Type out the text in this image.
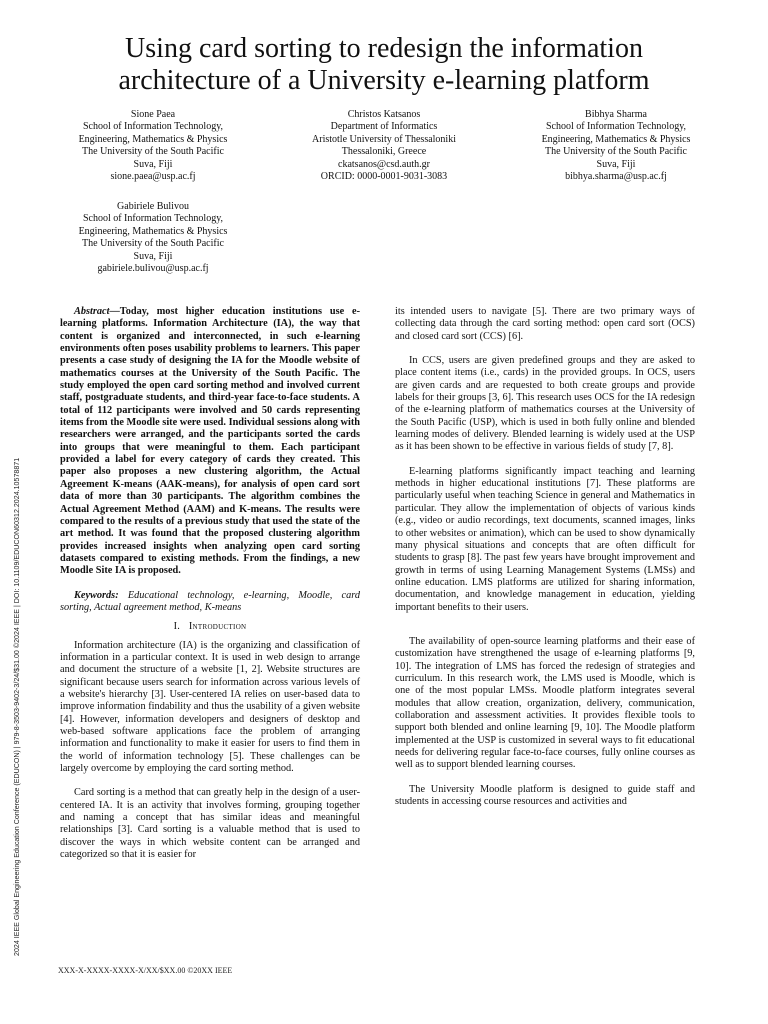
Using card sorting to redesign the information
architecture of a University e-learning platform
Sione Paea
School of Information Technology,
Engineering, Mathematics & Physics
The University of the South Pacific
Suva, Fiji
sione.paea@usp.ac.fj
Christos Katsanos
Department of Informatics
Aristotle University of Thessaloniki
Thessaloniki, Greece
ckatsanos@csd.auth.gr
ORCID: 0000-0001-9031-3083
Bibhya Sharma
School of Information Technology,
Engineering, Mathematics & Physics
The University of the South Pacific
Suva, Fiji
bibhya.sharma@usp.ac.fj
Gabiriele Bulivou
School of Information Technology,
Engineering, Mathematics & Physics
The University of the South Pacific
Suva, Fiji
gabiriele.bulivou@usp.ac.fj
2024 IEEE Global Engineering Education Conference (EDUCON) | 979-8-3503-9402-3/24/$31.00 ©2024 IEEE | DOI: 10.1109/EDUCON60312.2024.10578871

Abstract—Today, most higher education institutions use e-learning platforms. Information Architecture (IA), the way that content is organized and interconnected, in such e-learning environments often poses usability problems to learners. This paper presents a case study of designing the IA for the Moodle website of mathematics courses at the University of the South Pacific. The study employed the open card sorting method and involved current staff, postgraduate students, and third-year face-to-face students. A total of 112 participants were involved and 50 cards representing items from the Moodle site were used. Individual sessions along with researchers were arranged, and the participants sorted the cards into groups that were meaningful to them. Each participant provided a label for every category of cards they created. This paper also proposes a new clustering algorithm, the Actual Agreement K-means (AAK-means), for analysis of open card sort data of more than 30 participants. The algorithm combines the Actual Agreement Method (AAM) and K-means. The results were compared to the results of a previous study that used the state of the art method. It was found that the proposed clustering algorithm provides increased insights when analyzing open card sorting datasets compared to existing methods. From the findings, a new Moodle Site IA is proposed.

Keywords: Educational technology, e-learning, Moodle, card sorting, Actual agreement method, K-means

I. Introduction

Information architecture (IA) is the organizing and classification of information in a particular context. It is used in web design to arrange and document the structure of a website [1, 2]. Website structures are significant because users search for information across various levels of a website's hierarchy [3]. User-centered IA relies on user-based data to improve information findability and thus the usability of a given website [4]. However, information developers and designers of desktop and web-based software applications face the problem of arranging information and functionality to make it easier for users to find them in the world of information technology [5]. These challenges can be largely overcome by employing the card sorting method.

Card sorting is a method that can greatly help in the design of a user-centered IA. It is an activity that involves forming, grouping together and naming a concept that has similar ideas and meaningful relationships [3]. Card sorting is a valuable method that is used to discover the ways in which website content can be arranged and categorized so that it is easier for

its intended users to navigate [5]. There are two primary ways of collecting data through the card sorting method: open card sort (OCS) and closed card sort (CCS) [6].

In CCS, users are given predefined groups and they are asked to place content items (i.e., cards) in the provided groups. In OCS, users are given cards and are requested to both create groups and provide labels for their groups [3, 6]. This research uses OCS for the IA redesign of the e-learning platform of mathematics courses at the University of the South Pacific (USP), which is used in both fully online and blended learning modes of delivery. Blended learning is widely used at the USP as it has been shown to be effective in various fields of study [7, 8].

E-learning platforms significantly impact teaching and learning methods in higher educational institutions [7]. These platforms are particularly useful when teaching Science in general and Mathematics in particular. They allow the implementation of objects of various kinds (e.g., video or audio recordings, text documents, scanned images, links to other websites or animation), which can be used to show dynamically many physical situations and concepts that are often difficult for students to grasp [8]. The past few years have brought improvement and growth in terms of using Learning Management Systems (LMSs) and online education. LMS platforms are utilized for sharing information, documentation, and knowledge management in education, yielding important benefits to their users.

The availability of open-source learning platforms and their ease of customization have strengthened the usage of e-learning platforms [9, 10]. The integration of LMS has forced the redesign of strategies and curriculum. In this research work, the LMS used is Moodle, which is one of the most popular LMSs. Moodle platform integrates several modules that allow creation, organization, delivery, communication, collaboration and assessment activities. It provides flexible tools to support both blended and online learning [9, 10]. The Moodle platform implemented at the USP is customized in several ways to fit educational needs for delivering regular face-to-face courses, fully online courses as well as to support blended learning courses.

The University Moodle platform is designed to guide staff and students in accessing course resources and activities and

XXX-X-XXXX-XXXX-X/XX/$XX.00 ©20XX IEEE
